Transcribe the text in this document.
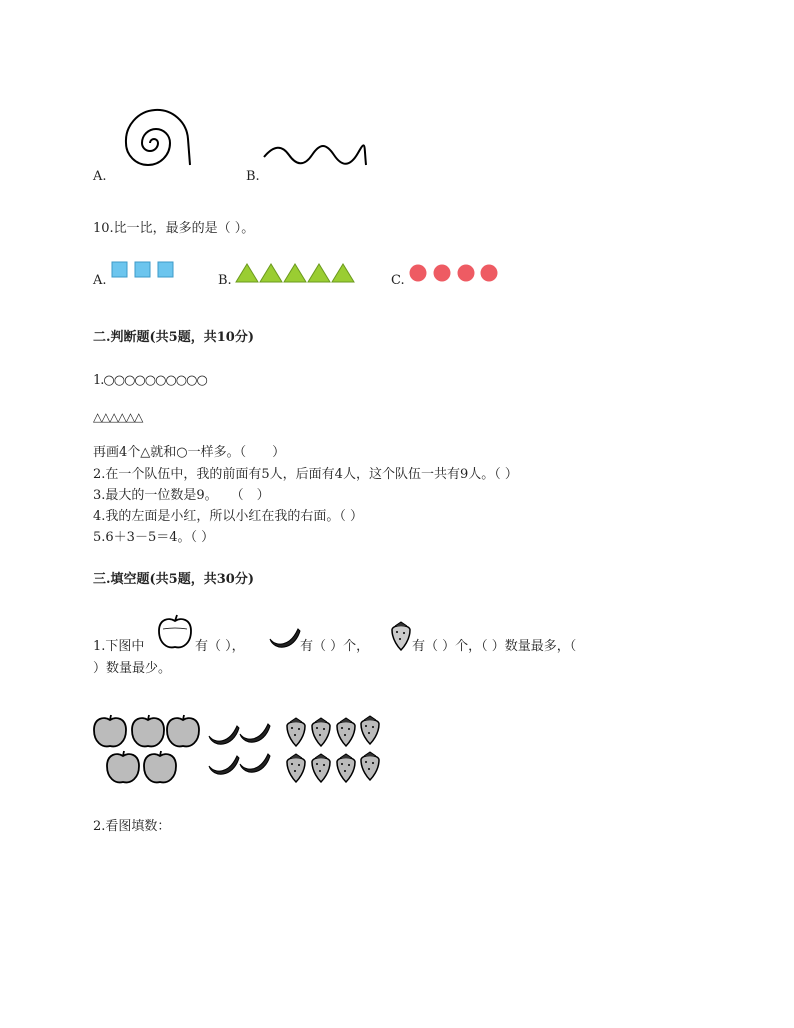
A.	B.
10.比一比，最多的是（ ）。
A.	B.	C.
二.判断题(共5题，共10分)
1.○○○○○○○○○○
△△△△△△
再画4个△就和○一样多。（　　）
2.在一个队伍中，我的前面有5人，后面有4人，这个队伍一共有9人。（ ）
3.最大的一位数是9。　　（　）
4.我的左面是小红，所以小红在我的右面。（ ）
5.6＋3－5＝4。（ ）
三.填空题(共5题，共30分)
1.下图中	有（ ），	有（ ）个，	有（ ）个，（ ）数量最多，（
）数量最少。
2.看图填数：
